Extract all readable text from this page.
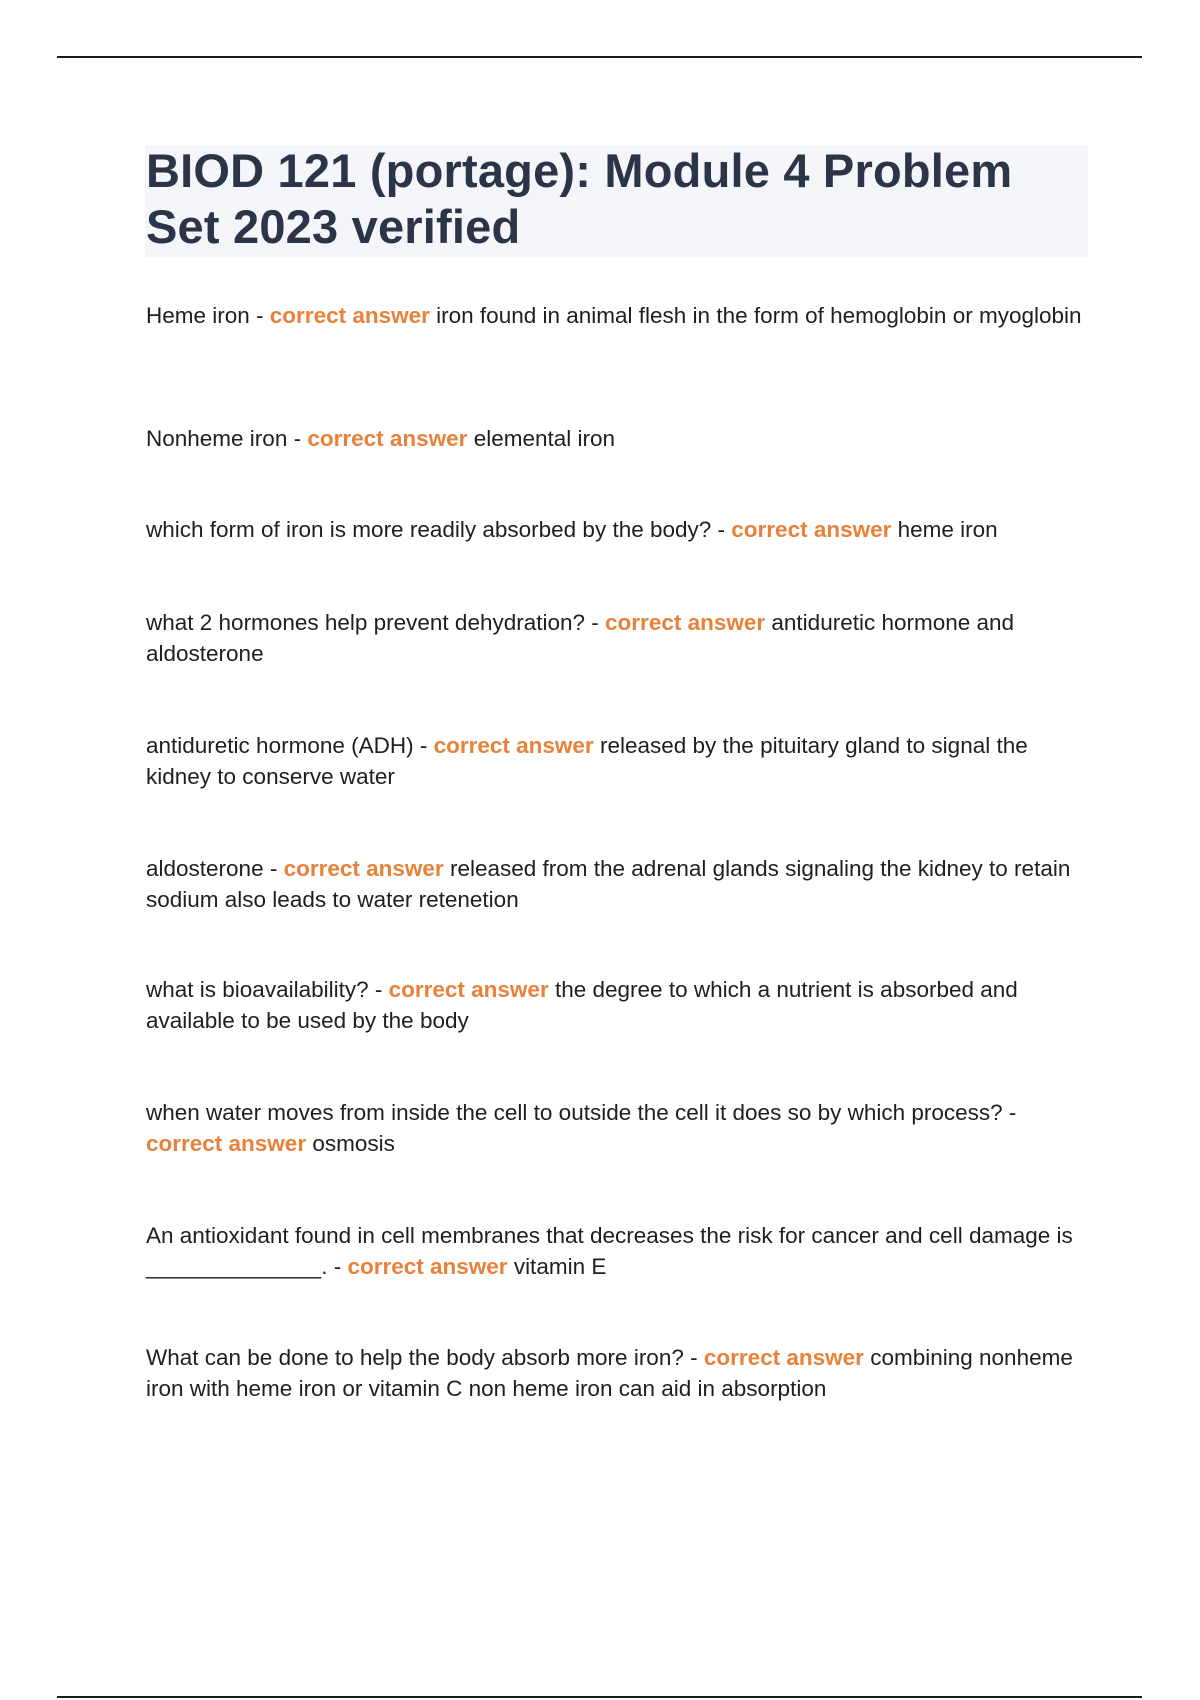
BIOD 121 (portage): Module 4 Problem Set 2023 verified

Heme iron - correct answer iron found in animal flesh in the form of hemoglobin or myoglobin

Nonheme iron - correct answer elemental iron

which form of iron is more readily absorbed by the body? - correct answer heme iron

what 2 hormones help prevent dehydration? - correct answer antiduretic hormone and aldosterone

antiduretic hormone (ADH) - correct answer released by the pituitary gland to signal the kidney to conserve water

aldosterone - correct answer released from the adrenal glands signaling the kidney to retain sodium also leads to water retenetion

what is bioavailability? - correct answer the degree to which a nutrient is absorbed and available to be used by the body

when water moves from inside the cell to outside the cell it does so by which process? - correct answer osmosis

An antioxidant found in cell membranes that decreases the risk for cancer and cell damage is ______________. - correct answer vitamin E

What can be done to help the body absorb more iron? - correct answer combining nonheme iron with heme iron or vitamin C non heme iron can aid in absorption
